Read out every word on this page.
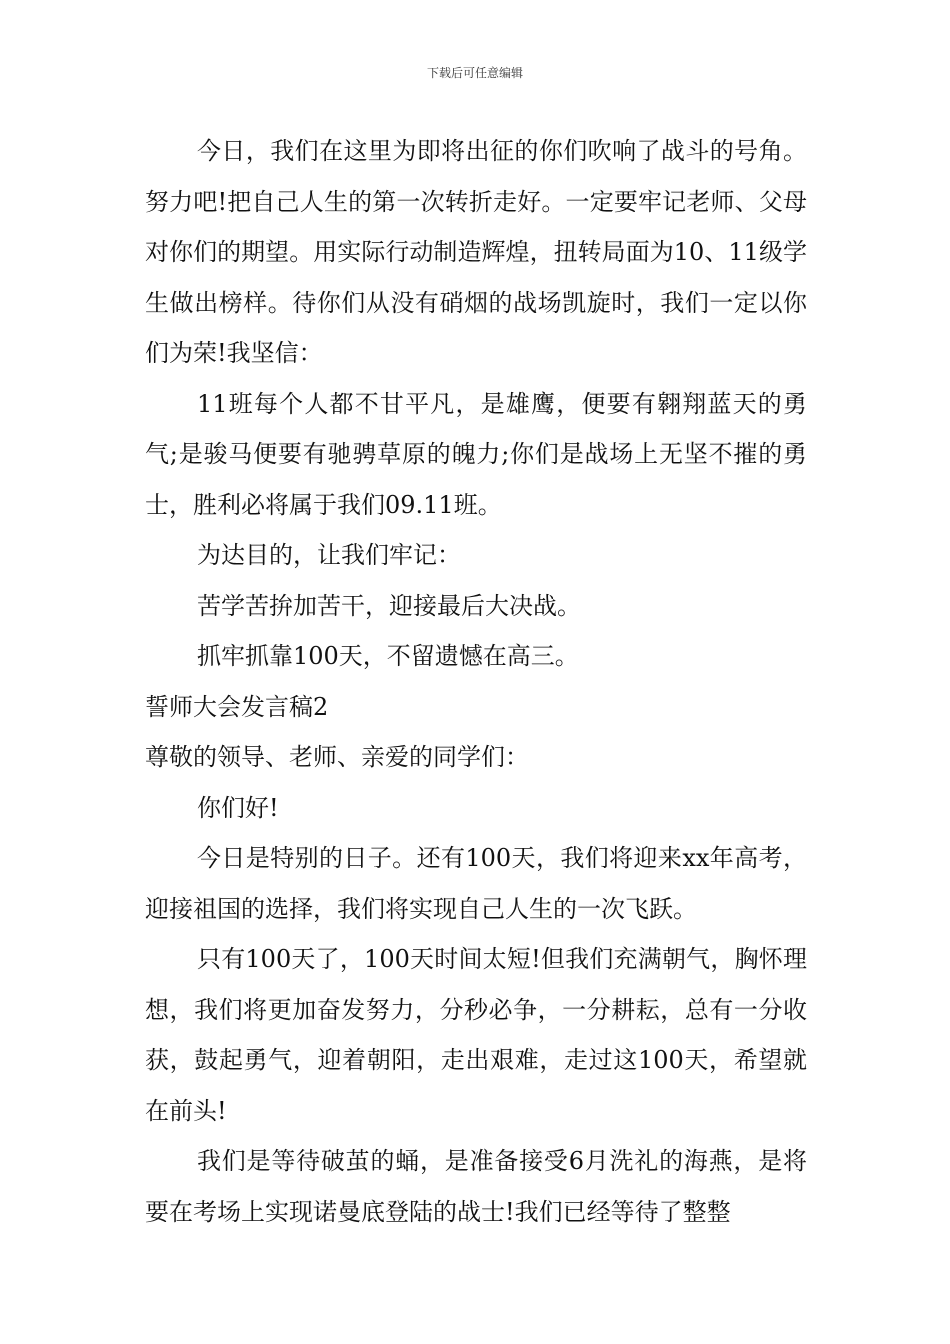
下载后可任意编辑

今日，我们在这里为即将出征的你们吹响了战斗的号角。努力吧!把自己人生的第一次转折走好。一定要牢记老师、父母对你们的期望。用实际行动制造辉煌，扭转局面为10、11级学生做出榜样。待你们从没有硝烟的战场凯旋时，我们一定以你们为荣!我坚信：

11班每个人都不甘平凡，是雄鹰，便要有翱翔蓝天的勇气;是骏马便要有驰骋草原的魄力;你们是战场上无坚不摧的勇士，胜利必将属于我们09.11班。

为达目的，让我们牢记：

苦学苦拚加苦干，迎接最后大决战。

抓牢抓靠100天，不留遗憾在高三。

誓师大会发言稿2

尊敬的领导、老师、亲爱的同学们：

你们好!

今日是特别的日子。还有100天，我们将迎来xx年高考，迎接祖国的选择，我们将实现自己人生的一次飞跃。

只有100天了，100天时间太短!但我们充满朝气，胸怀理想，我们将更加奋发努力，分秒必争，一分耕耘，总有一分收获，鼓起勇气，迎着朝阳，走出艰难，走过这100天，希望就在前头!

我们是等待破茧的蛹，是准备接受6月洗礼的海燕，是将要在考场上实现诺曼底登陆的战士!我们已经等待了整整
